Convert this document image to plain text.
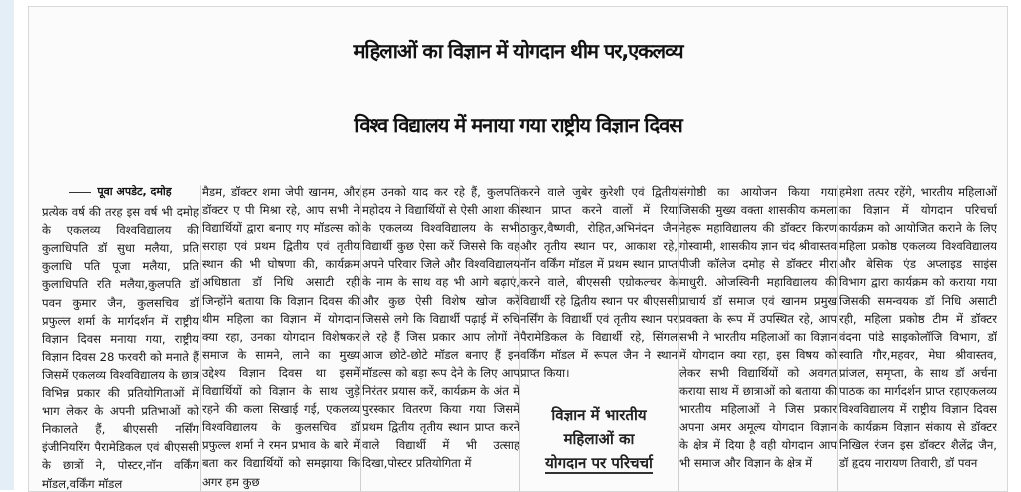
महिलाओं का विज्ञान में योगदान थीम पर,एकलव्य
विश्व विद्यालय में मनाया गया राष्ट्रीय विज्ञान दिवस
पूवा अपडेट, दमोह

प्रत्येक वर्ष की तरह इस वर्ष भी दमोह के एकलव्य विश्वविद्यालय की कुलाधिपति डॉ सुधा मलैया, प्रति कुलाधि पति पूजा मलैया, प्रति कुलाधिपति रति मलैया,कुलपति डॉ पवन कुमार जैन, कुलसचिव डॉ प्रफुल्ल शर्मा के मार्गदर्शन में राष्ट्रीय विज्ञान दिवस मनाया गया, राष्ट्रीय विज्ञान दिवस 28 फरवरी को मनाते हैं जिसमें एकलव्य विश्वविद्यालय के छात्र विभिन्न प्रकार की प्रतियोगिताओं में भाग लेकर के अपनी प्रतिभाओं को निकालते हैं, बीएससी नर्सिंग इंजीनियरिंग पैरामेडिकल एवं बीएससी के छात्रों ने, पोस्टर,नॉन वर्किंग मॉडल,वर्किंग मॉडल

मैडम, डॉक्टर शमा जेपी खानम, और डॉक्टर ए पी मिश्रा रहे, आप सभी ने विद्यार्थियों द्वारा बनाए गए मॉडल्स को सराहा एवं प्रथम द्वितीय एवं तृतीय स्थान की भी घोषणा की, कार्यक्रम अधिष्ठाता डॉ निधि असाटी रही जिन्होंने बताया कि विज्ञान दिवस की थीम महिला का विज्ञान में योगदान क्या रहा, उनका योगदान विशेषकर समाज के सामने, लाने का मुख्य उद्देश्य विज्ञान दिवस था इसमें विद्यार्थियों को विज्ञान के साथ जुड़े रहने की कला सिखाई गई, एकलव्य विश्वविद्यालय के कुलसचिव डॉ प्रफुल्ल शर्मा ने रमन प्रभाव के बारे में बता कर विद्यार्थियों को समझाया कि अगर हम कुछ

हम उनको याद कर रहे हैं, कुलपति महोदय ने विद्यार्थियों से ऐसी आशा की के एकलव्य विश्वविद्यालय के सभी विद्यार्थी कुछ ऐसा करें जिससे कि वह अपने परिवार जिले और विश्वविद्यालय के नाम के साथ वह भी आगे बढ़ाएं, और कुछ ऐसी विशेष खोज करें जिससे लगे कि विद्यार्थी पढ़ाई में रुचि ले रहे हैं जिस प्रकार आप लोगों ने आज छोटे-छोटे मॉडल बनाए हैं इन मॉडल्स को बड़ा रूप देने के लिए आप निरंतर प्रयास करें, कार्यक्रम के अंत में पुरस्कार वितरण किया गया जिसमें प्रथम द्वितीय तृतीय स्थान प्राप्त करने वाले विद्यार्थी में भी उत्साह दिखा,पोस्टर प्रतियोगिता में

करने वाले जुबेर कुरेशी एवं द्वितीय स्थान प्राप्त करने वालों में रिया ठाकुर,वैष्णवी, रोहित,अभिनंदन जैन और तृतीय स्थान पर, आकाश रहे, नॉन वर्किंग मॉडल में प्रथम स्थान प्राप्त करने वाले, बीएससी एग्रोकल्चर के विद्यार्थी रहे द्वितीय स्थान पर बीएससी नर्सिंग के विद्यार्थी एवं तृतीय स्थान पर पैरामेडिकल के विद्यार्थी रहे, सिंगल वर्किंग मॉडल में रूपल जैन ने स्थान प्राप्त किया।

संगोष्ठी का आयोजन किया गया जिसकी मुख्य वक्ता शासकीय कमला नेहरू महाविद्यालय की डॉक्टर किरण गोस्वामी, शासकीय ज्ञान चंद श्रीवास्तव पीजी कॉलेज दमोह से डॉक्टर मीरा माधुरी. ओजस्विनी महाविद्यालय की प्राचार्य डॉ समाज एवं खानम प्रमुख प्रवक्ता के रूप में उपस्थित रहे, आप सभी ने भारतीय महिलाओं का विज्ञान में योगदान क्या रहा, इस विषय को लेकर सभी विद्यार्थियों को अवगत कराया साथ में छात्राओं को बताया की भारतीय महिलाओं ने जिस प्रकार अपना अमर अमूल्य योगदान विज्ञान के क्षेत्र में दिया है वही योगदान आप भी समाज और विज्ञान के क्षेत्र में

हमेशा तत्पर रहेंगे, भारतीय महिलाओं का विज्ञान में योगदान परिचर्चा कार्यक्रम को आयोजित कराने के लिए महिला प्रकोष्ठ एकलव्य विश्वविद्यालय और बेसिक एंड अप्लाइड साइंस विभाग द्वारा कार्यक्रम को कराया गया जिसकी समन्वयक डॉ निधि असाटी रही, महिला प्रकोष्ठ टीम में डॉक्टर वंदना पांडे साइकोलॉजि विभाग, डॉ स्वाति गौर,महवर, मेघा श्रीवास्तव, प्रांजल, समृप्ता, के साथ डॉ अर्चना पाठक का मार्गदर्शन प्राप्त रहाएकलव्य विश्वविद्यालय में राष्ट्रीय विज्ञान दिवस के कार्यक्रम विज्ञान संकाय से डॉक्टर निखिल रंजन इस डॉक्टर शैलेंद्र जैन, डॉ हृदय नारायण तिवारी, डॉ पवन

विज्ञान में भारतीय
महिलाओं का
योगदान पर परिचर्चा
